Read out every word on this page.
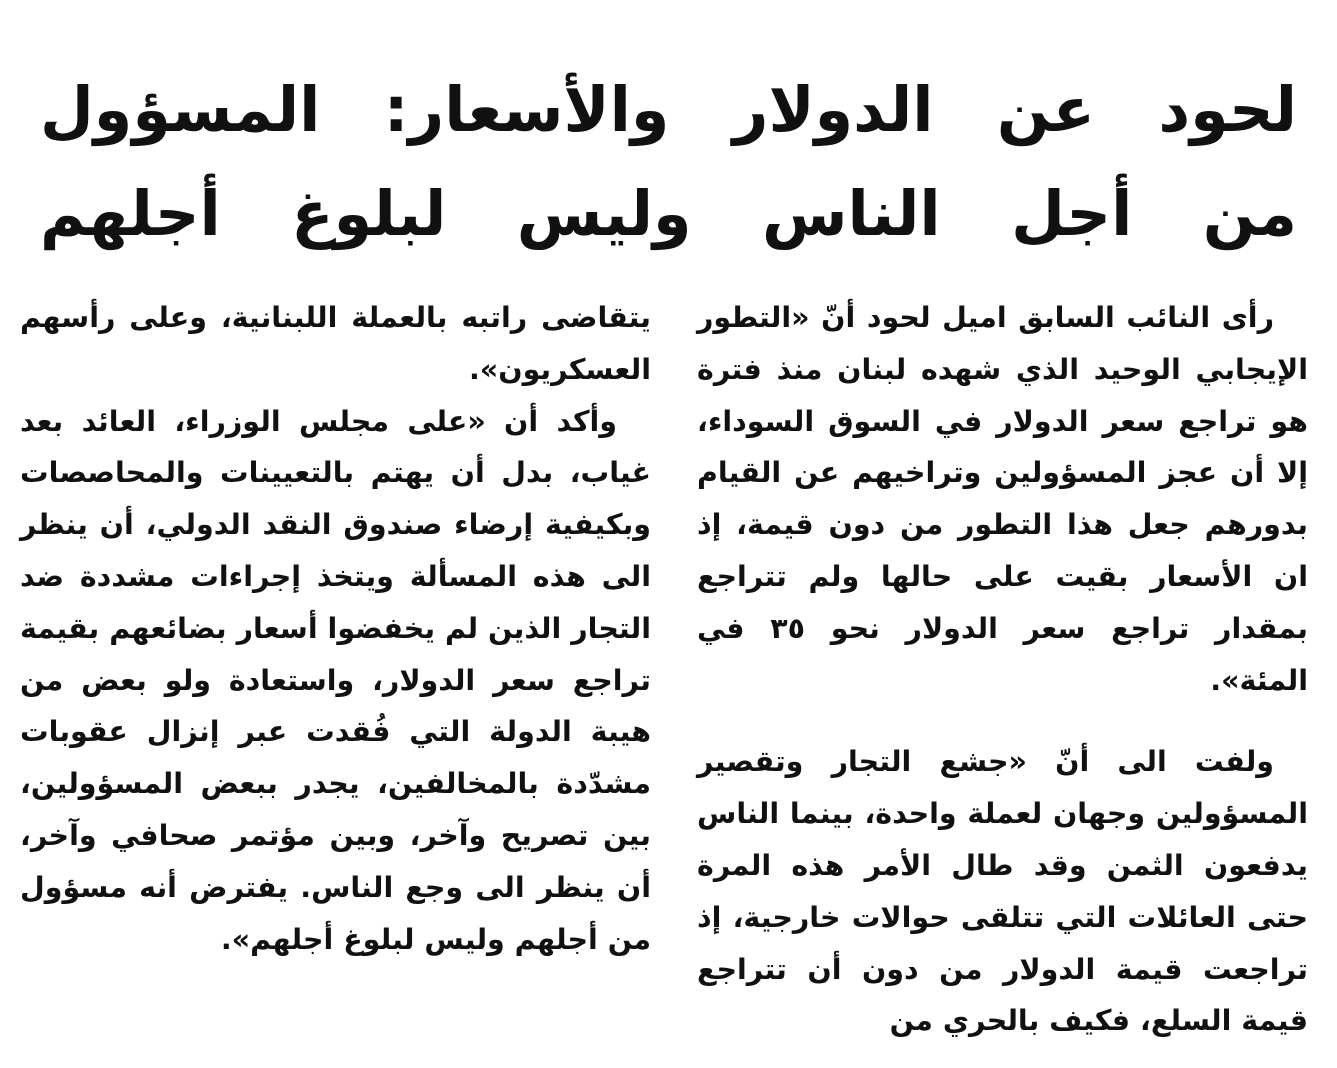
لحود عن الدولار والأسعار: المسؤول
من أجل الناس وليس لبلوغ أجلهم

رأى النائب السابق اميل لحود أنّ «التطور الإيجابي الوحيد الذي شهده لبنان منذ فترة هو تراجع سعر الدولار في السوق السوداء، إلا أن عجز المسؤولين وتراخيهم عن القيام بدورهم جعل هذا التطور من دون قيمة، إذ ان الأسعار بقيت على حالها ولم تتراجع بمقدار تراجع سعر الدولار نحو ٣٥ في المئة».

ولفت الى أنّ «جشع التجار وتقصير المسؤولين وجهان لعملة واحدة، بينما الناس يدفعون الثمن وقد طال الأمر هذه المرة حتى العائلات التي تتلقى حوالات خارجية، إذ تراجعت قيمة الدولار من دون أن تتراجع قيمة السلع، فكيف بالحري من

يتقاضى راتبه بالعملة اللبنانية، وعلى رأسهم العسكريون».

وأكد أن «على مجلس الوزراء، العائد بعد غياب، بدل أن يهتم بالتعيينات والمحاصصات وبكيفية إرضاء صندوق النقد الدولي، أن ينظر الى هذه المسألة ويتخذ إجراءات مشددة ضد التجار الذين لم يخفضوا أسعار بضائعهم بقيمة تراجع سعر الدولار، واستعادة ولو بعض من هيبة الدولة التي فُقدت عبر إنزال عقوبات مشدّدة بالمخالفين، يجدر ببعض المسؤولين، بين تصريح وآخر، وبين مؤتمر صحافي وآخر، أن ينظر الى وجع الناس. يفترض أنه مسؤول من أجلهم وليس لبلوغ أجلهم».
